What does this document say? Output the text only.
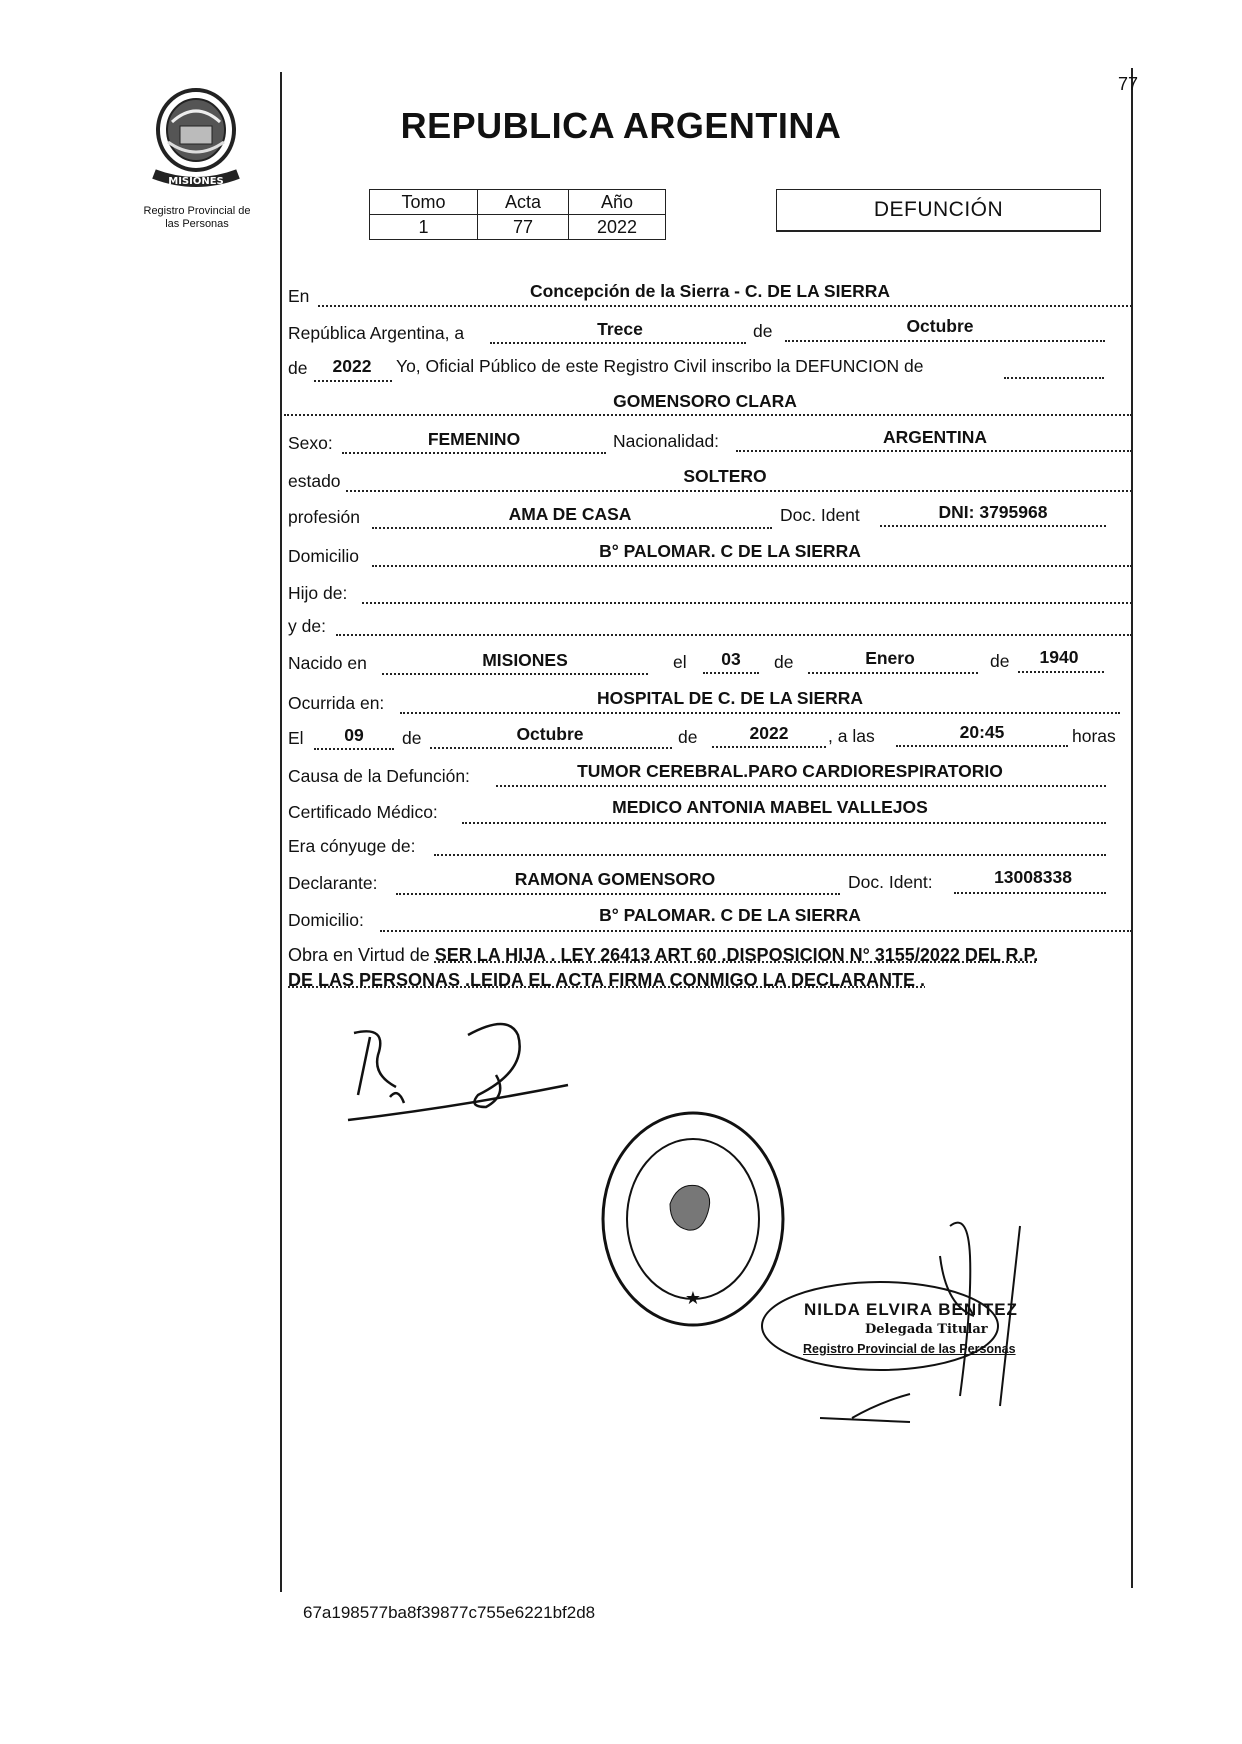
77
MISIONES
Registro Provincial de
las Personas
REPUBLICA ARGENTINA
Tomo	Acta	Año
1	77	2022
DEFUNCIÓN
En	Concepción de la Sierra - C. DE LA SIERRA
República Argentina, a	Trece	de	Octubre
de	2022	Yo, Oficial Público de este Registro Civil inscribo la DEFUNCION de
GOMENSORO CLARA
Sexo:	FEMENINO	Nacionalidad:	ARGENTINA
estado	SOLTERO
profesión	AMA DE CASA	Doc. Ident	DNI: 3795968
Domicilio	B° PALOMAR. C DE LA SIERRA
Hijo de:
y de:
Nacido en	MISIONES	el	03	de	Enero	de	1940
Ocurrida en:	HOSPITAL DE C. DE LA SIERRA
El	09	de	Octubre	de	2022	, a las	20:45	horas
Causa de la Defunción:	TUMOR CEREBRAL.PARO CARDIORESPIRATORIO
Certificado Médico:	MEDICO ANTONIA MABEL VALLEJOS
Era cónyuge de:
Declarante:	RAMONA GOMENSORO	Doc. Ident:	13008338
Domicilio:	B° PALOMAR. C DE LA SIERRA
Obra en Virtud de SER LA HIJA . LEY 26413 ART 60 .DISPOSICION N° 3155/2022 DEL R.P.
DE LAS PERSONAS .LEIDA EL ACTA FIRMA CONMIGO LA DECLARANTE .
★
NILDA ELVIRA BENITEZ
Delegada Titular
Registro Provincial de las Personas
67a198577ba8f39877c755e6221bf2d8
